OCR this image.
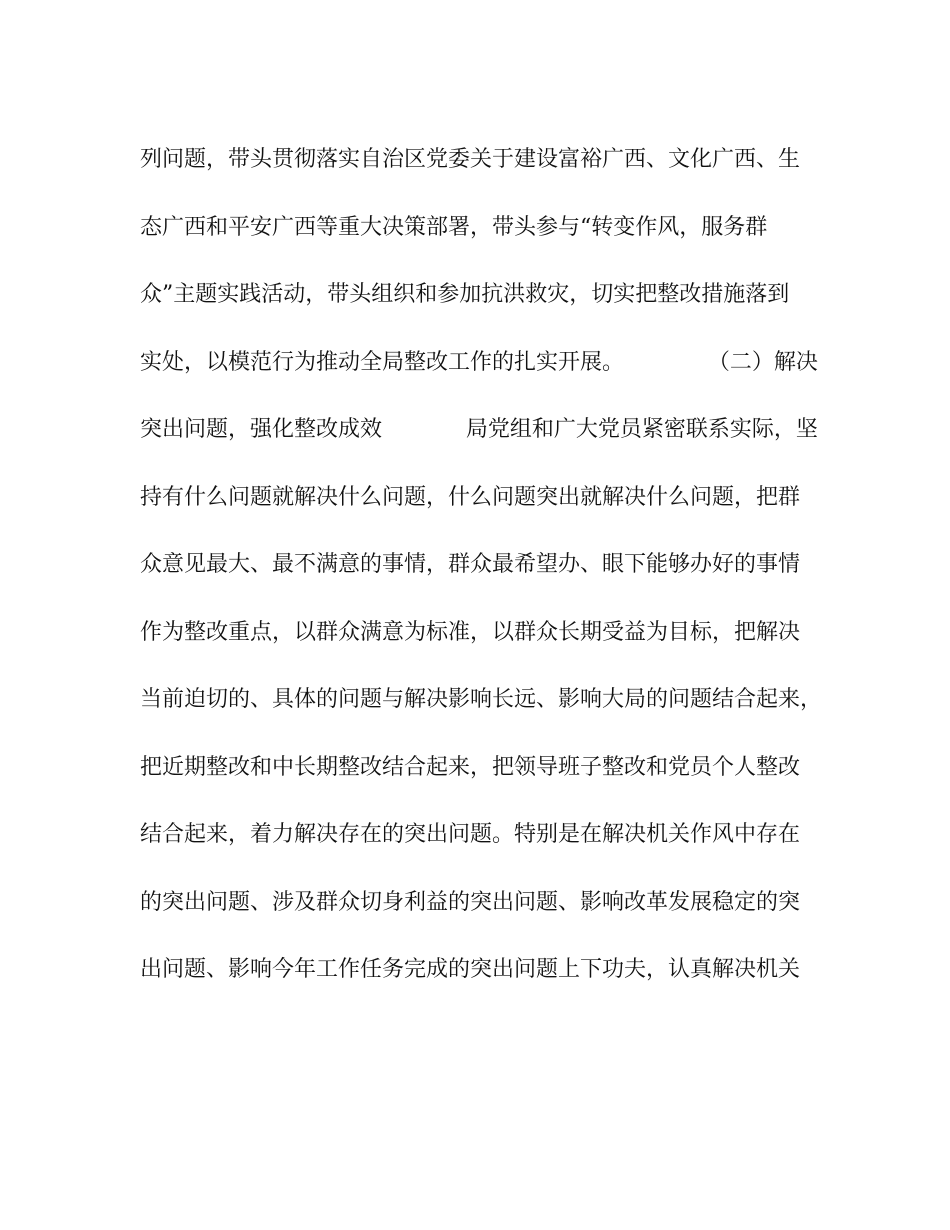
列问题，带头贯彻落实自治区党委关于建设富裕广西、文化广西、生
态广西和平安广西等重大决策部署，带头参与“转变作风，服务群
众”主题实践活动，带头组织和参加抗洪救灾，切实把整改措施落到
实处，以模范行为推动全局整改工作的扎实开展。            （二）解决
突出问题，强化整改成效            局党组和广大党员紧密联系实际，坚
持有什么问题就解决什么问题，什么问题突出就解决什么问题，把群
众意见最大、最不满意的事情，群众最希望办、眼下能够办好的事情
作为整改重点，以群众满意为标准，以群众长期受益为目标，把解决
当前迫切的、具体的问题与解决影响长远、影响大局的问题结合起来，
把近期整改和中长期整改结合起来，把领导班子整改和党员个人整改
结合起来，着力解决存在的突出问题。特别是在解决机关作风中存在
的突出问题、涉及群众切身利益的突出问题、影响改革发展稳定的突
出问题、影响今年工作任务完成的突出问题上下功夫，认真解决机关
